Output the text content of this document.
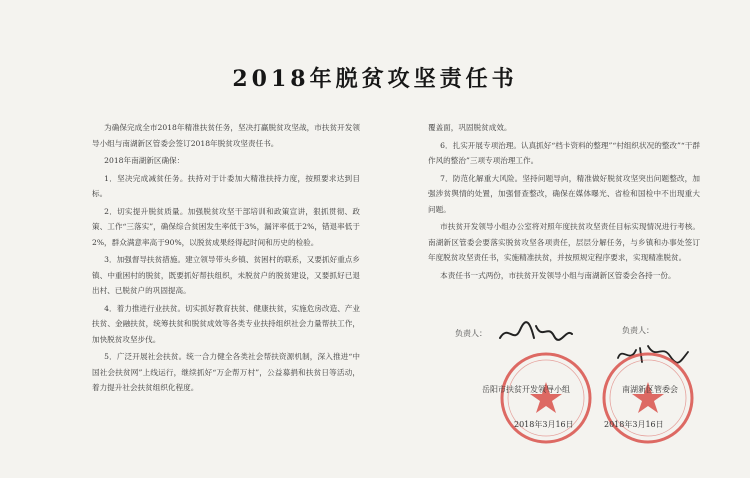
2018年脱贫攻坚责任书

为确保完成全市2018年精准扶贫任务，坚决打赢脱贫攻坚战，市扶贫开发领导小组与南湖新区管委会签订2018年脱贫攻坚责任书。

2018年南湖新区确保：

1．坚决完成减贫任务。扶持对于计委加大精准扶持力度，按照要求达到目标。

2．切实提升脱贫质量。加强脱贫攻坚干部培训和政策宣讲，狠抓贯彻、政策、工作“三落实”，确保综合贫困发生率低于3%，漏评率低于2%，错退率低于2%，群众满意率高于90%，以脱贫成果经得起时间和历史的检验。

3．加强督导扶贫措施。建立领导带头乡镇、贫困村的联系，又要抓好重点乡镇、中重困村的脱贫，既要抓好帮扶组织，未脱贫户的脱贫建设，又要抓好已退出村、已脱贫户的巩固提高。

4．着力推进行业扶贫。切实抓好教育扶贫、健康扶贫，实施危房改造、产业扶贫、金融扶贫，统筹扶贫和脱贫成效等各类专业扶持组织社会力量帮扶工作，加快脱贫攻坚步伐。

5．广泛开展社会扶贫。统一合力健全各类社会帮扶资源机制，深入推进“中国社会扶贫网”上线运行，继续抓好“万企帮万村”，公益募捐和扶贫日等活动，着力提升社会扶贫组织化程度。

覆盖面，巩固脱贫成效。

6．扎实开展专项治理。认真抓好“档卡资料的整理”“村组织状况的整改”“干群作风的整治”三项专项治理工作。

7．防范化解重大风险。坚持问题导向，精准做好脱贫攻坚突出问题整改，加强涉贫舆情的处置，加强督查整改，确保在媒体曝光、省检和国检中不出现重大问题。

市扶贫开发领导小组办公室将对照年度扶贫攻坚责任目标实现情况进行考核。南湖新区管委会要落实脱贫攻坚各项责任，层层分解任务，与乡镇和办事处签订年度脱贫攻坚责任书，实施精准扶贫，并按照规定程序要求，实现精准脱贫。

本责任书一式两份，市扶贫开发领导小组与南湖新区管委会各持一份。

负责人：	负责人：
岳阳市扶贫开发领导小组
2018年3月16日
南湖新区管委会
2018年3月16日
